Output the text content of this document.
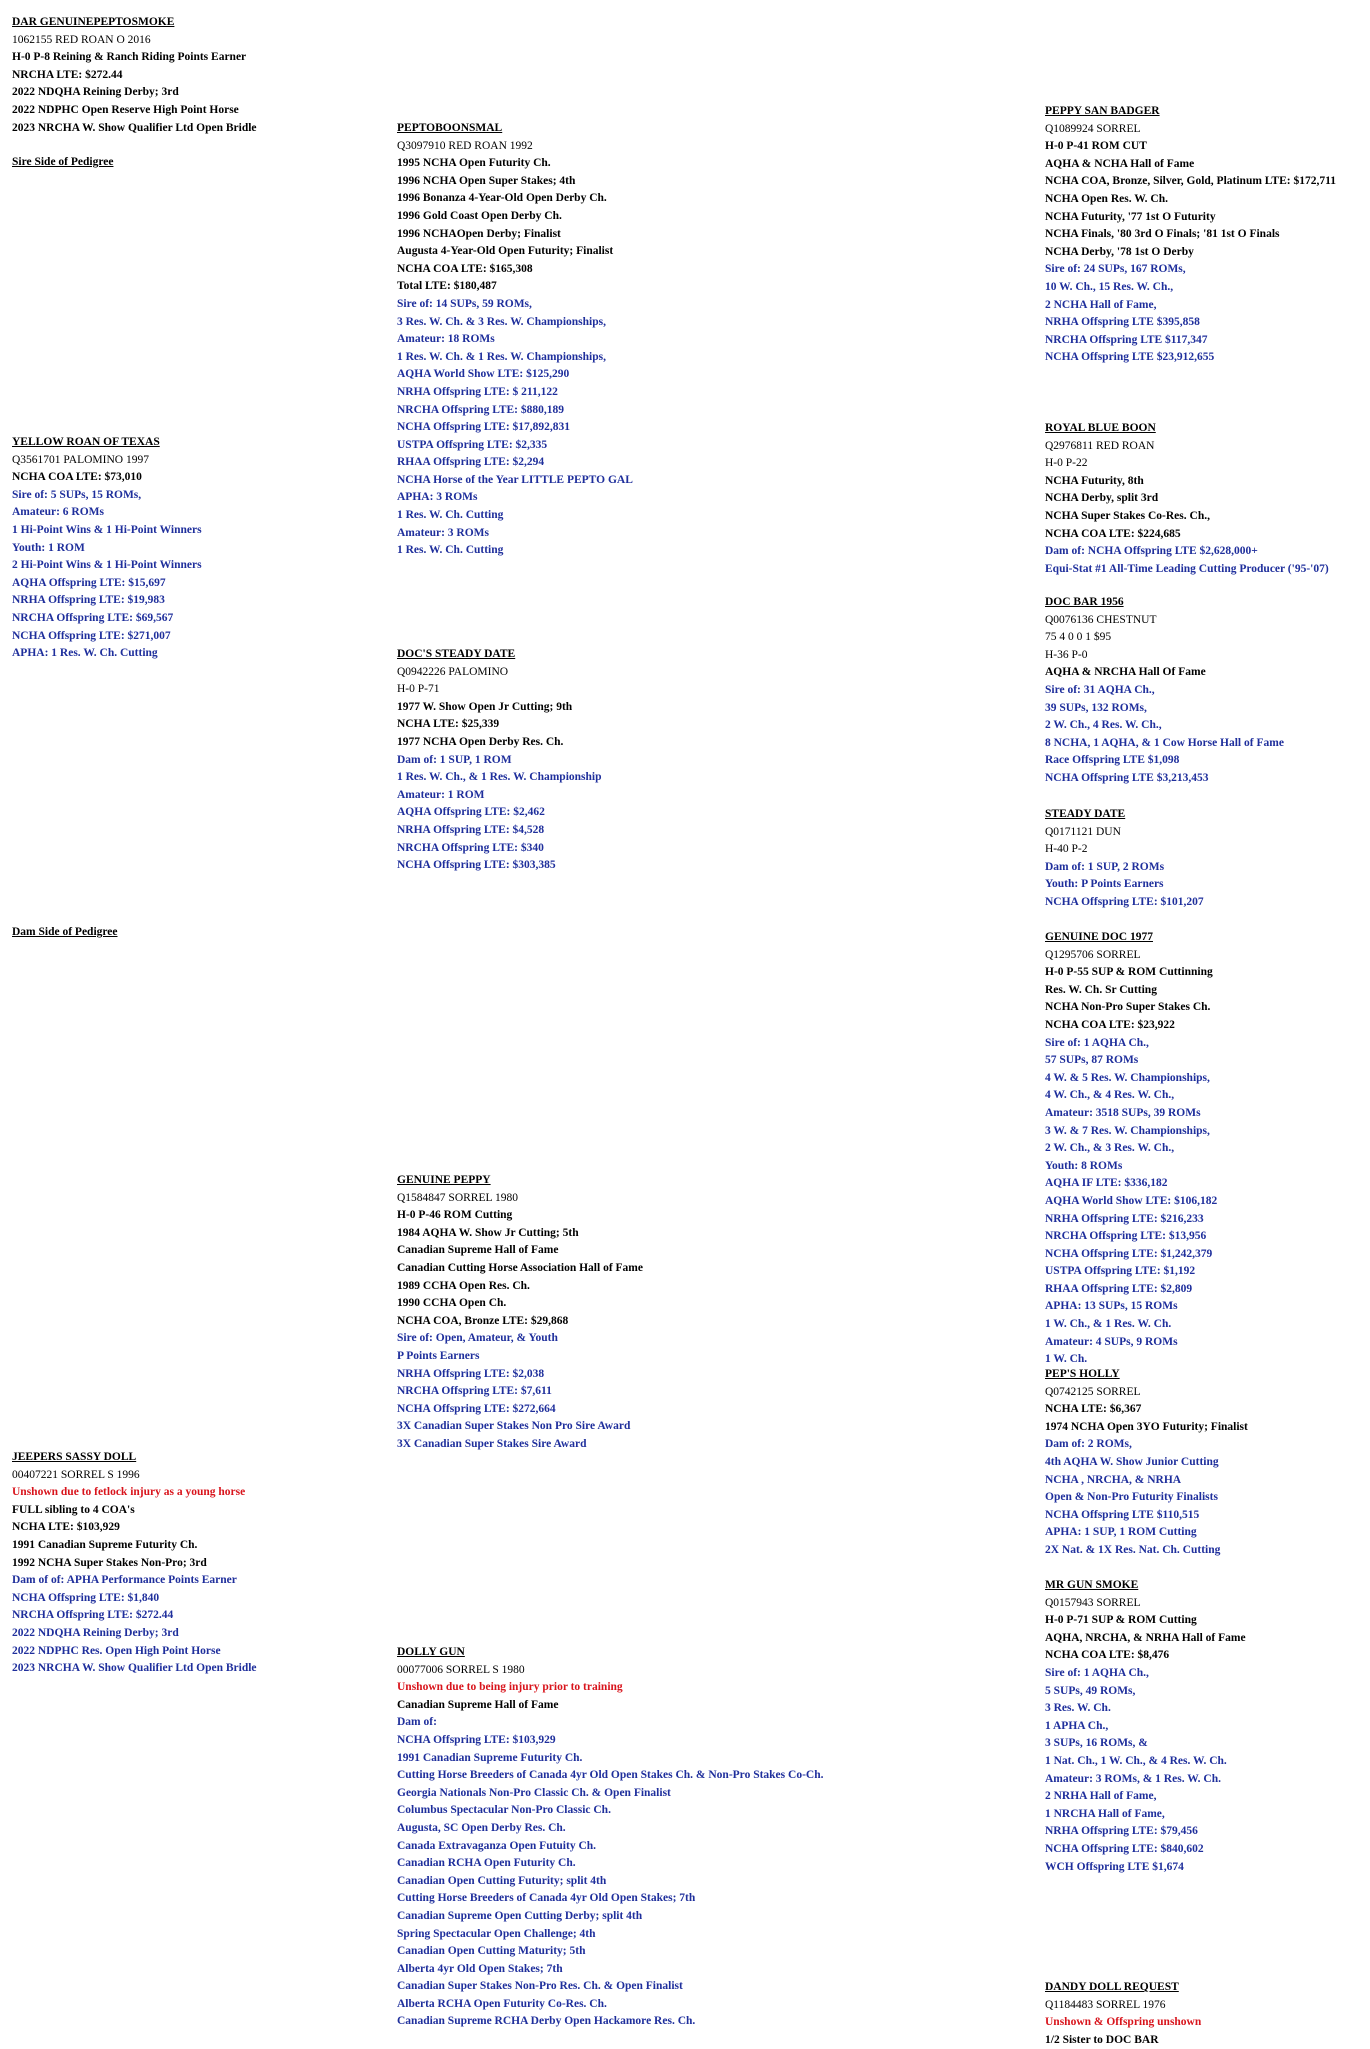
DAR GENUINEPEPTOSMOKE
1062155 RED ROAN O 2016
H-0 P-8 Reining & Ranch Riding Points Earner
NRCHA LTE: $272.44
2022 NDQHA Reining Derby; 3rd
2022 NDPHC Open Reserve High Point Horse
2023 NRCHA W. Show Qualifier Ltd Open Bridle
Sire Side of Pedigree
YELLOW ROAN OF TEXAS
Q3561701 PALOMINO 1997
NCHA COA LTE: $73,010
Sire of: 5 SUPs, 15 ROMs,
Amateur: 6 ROMs
1 Hi-Point Wins & 1 Hi-Point Winners
Youth: 1 ROM
2 Hi-Point Wins & 1 Hi-Point Winners
AQHA Offspring LTE: $15,697
NRHA Offspring LTE: $19,983
NRCHA Offspring LTE: $69,567
NCHA Offspring LTE: $271,007
APHA: 1 Res. W. Ch. Cutting
Dam Side of Pedigree
JEEPERS SASSY DOLL
00407221 SORREL S 1996
Unshown due to fetlock injury as a young horse
FULL sibling to 4 COA's
NCHA LTE: $103,929
1991 Canadian Supreme Futurity Ch.
1992 NCHA Super Stakes Non-Pro; 3rd
Dam of of: APHA Performance Points Earner
NCHA Offspring LTE: $1,840
NRCHA Offspring LTE: $272.44
2022 NDQHA Reining Derby; 3rd
2022 NDPHC Res. Open High Point Horse
2023 NRCHA W. Show Qualifier Ltd Open Bridle
PEPTOBOONSMAL
Q3097910 RED ROAN 1992
1995 NCHA Open Futurity Ch.
1996 NCHA Open Super Stakes; 4th
1996 Bonanza 4-Year-Old Open Derby Ch.
1996 Gold Coast Open Derby Ch.
1996 NCHAOpen Derby; Finalist
Augusta 4-Year-Old Open Futurity; Finalist
NCHA COA LTE: $165,308
Total LTE: $180,487
Sire of: 14 SUPs, 59 ROMs,
3 Res. W. Ch. & 3 Res. W. Championships,
Amateur: 18 ROMs
1 Res. W. Ch. & 1 Res. W. Championships,
AQHA World Show LTE: $125,290
NRHA Offspring LTE: $ 211,122
NRCHA Offspring LTE: $880,189
NCHA Offspring LTE: $17,892,831
USTPA Offspring LTE: $2,335
RHAA Offspring LTE: $2,294
NCHA Horse of the Year LITTLE PEPTO GAL
APHA: 3 ROMs
1 Res. W. Ch. Cutting
Amateur: 3 ROMs
1 Res. W. Ch. Cutting
DOC'S STEADY DATE
Q0942226 PALOMINO
H-0 P-71
1977 W. Show Open Jr Cutting; 9th
NCHA LTE: $25,339
1977 NCHA Open Derby Res. Ch.
Dam of: 1 SUP, 1 ROM
1 Res. W. Ch., & 1 Res. W. Championship
Amateur: 1 ROM
AQHA Offspring LTE: $2,462
NRHA Offspring LTE: $4,528
NRCHA Offspring LTE: $340
NCHA Offspring LTE: $303,385
GENUINE PEPPY
Q1584847 SORREL 1980
H-0 P-46 ROM Cutting
1984 AQHA W. Show Jr Cutting; 5th
Canadian Supreme Hall of Fame
Canadian Cutting Horse Association Hall of Fame
1989 CCHA Open Res. Ch.
1990 CCHA Open Ch.
NCHA COA, Bronze LTE: $29,868
Sire of: Open, Amateur, & Youth
P Points Earners
NRHA Offspring LTE: $2,038
NRCHA Offspring LTE: $7,611
NCHA Offspring LTE: $272,664
3X Canadian Super Stakes Non Pro Sire Award
3X Canadian Super Stakes Sire Award
DOLLY GUN
00077006 SORREL S 1980
Unshown due to being injury prior to training
Canadian Supreme Hall of Fame
Dam of:
NCHA Offspring LTE: $103,929
1991 Canadian Supreme Futurity Ch.
Cutting Horse Breeders of Canada 4yr Old Open Stakes Ch. & Non-Pro Stakes Co-Ch.
Georgia Nationals Non-Pro Classic Ch. & Open Finalist
Columbus Spectacular Non-Pro Classic Ch.
Augusta, SC Open Derby Res. Ch.
Canada Extravaganza Open Futuity Ch.
Canadian RCHA Open Futurity Ch.
Canadian Open Cutting Futurity; split 4th
Cutting Horse Breeders of Canada 4yr Old Open Stakes; 7th
Canadian Supreme Open Cutting Derby; split 4th
Spring Spectacular Open Challenge; 4th
Canadian Open Cutting Maturity; 5th
Alberta 4yr Old Open Stakes; 7th
Canadian Super Stakes Non-Pro Res. Ch. & Open Finalist
Alberta RCHA Open Futurity Co-Res. Ch.
Canadian Supreme RCHA Derby Open Hackamore Res. Ch.
PEPPY SAN BADGER
Q1089924 SORREL
H-0 P-41 ROM CUT
AQHA & NCHA Hall of Fame
NCHA COA, Bronze, Silver, Gold, Platinum LTE: $172,711
NCHA Open Res. W. Ch.
NCHA Futurity, '77 1st O Futurity
NCHA Finals, '80 3rd O Finals; '81 1st O Finals
NCHA Derby, '78 1st O Derby
Sire of: 24 SUPs, 167 ROMs,
10 W. Ch., 15 Res. W. Ch.,
2 NCHA Hall of Fame,
NRHA Offspring LTE $395,858
NRCHA Offspring LTE $117,347
NCHA Offspring LTE $23,912,655
ROYAL BLUE BOON
Q2976811 RED ROAN
H-0 P-22
NCHA Futurity, 8th
NCHA Derby, split 3rd
NCHA Super Stakes Co-Res. Ch.,
NCHA COA LTE: $224,685
Dam of: NCHA Offspring LTE $2,628,000+
Equi-Stat #1 All-Time Leading Cutting Producer ('95-'07)
DOC BAR 1956
Q0076136 CHESTNUT
75 4 0 0 1 $95
H-36 P-0
AQHA & NRCHA Hall Of Fame
Sire of: 31 AQHA Ch.,
39 SUPs, 132 ROMs,
2 W. Ch., 4 Res. W. Ch.,
8 NCHA, 1 AQHA, & 1 Cow Horse Hall of Fame
Race Offspring LTE $1,098
NCHA Offspring LTE $3,213,453
STEADY DATE
Q0171121 DUN
H-40 P-2
Dam of: 1 SUP, 2 ROMs
Youth: P Points Earners
NCHA Offspring LTE: $101,207
GENUINE DOC 1977
Q1295706 SORREL
H-0 P-55 SUP & ROM Cuttinning
Res. W. Ch. Sr Cutting
NCHA Non-Pro Super Stakes Ch.
NCHA COA LTE: $23,922
Sire of: 1 AQHA Ch.,
57 SUPs, 87 ROMs
4 W. & 5 Res. W. Championships,
4 W. Ch., & 4 Res. W. Ch.,
Amateur: 3518 SUPs, 39 ROMs
3 W. & 7 Res. W. Championships,
2 W. Ch., & 3 Res. W. Ch.,
Youth: 8 ROMs
AQHA IF LTE: $336,182
AQHA World Show LTE: $106,182
NRHA Offspring LTE: $216,233
NRCHA Offspring LTE: $13,956
NCHA Offspring LTE: $1,242,379
USTPA Offspring LTE: $1,192
RHAA Offspring LTE: $2,809
APHA: 13 SUPs, 15 ROMs
1 W. Ch., & 1 Res. W. Ch.
Amateur: 4 SUPs, 9 ROMs
1 W. Ch.
PEP'S HOLLY
Q0742125 SORREL
NCHA LTE: $6,367
1974 NCHA Open 3YO Futurity; Finalist
Dam of: 2 ROMs,
4th AQHA W. Show Junior Cutting
NCHA , NRCHA, & NRHA
Open & Non-Pro Futurity Finalists
NCHA Offspring LTE $110,515
APHA: 1 SUP, 1 ROM Cutting
2X Nat. & 1X Res. Nat. Ch. Cutting
MR GUN SMOKE
Q0157943 SORREL
H-0 P-71 SUP & ROM Cutting
AQHA, NRCHA, & NRHA Hall of Fame
NCHA COA LTE: $8,476
Sire of: 1 AQHA Ch.,
5 SUPs, 49 ROMs,
3 Res. W. Ch.
1 APHA Ch.,
3 SUPs, 16 ROMs, &
1 Nat. Ch., 1 W. Ch., & 4 Res. W. Ch.
Amateur: 3 ROMs, & 1 Res. W. Ch.
2 NRHA Hall of Fame,
1 NRCHA Hall of Fame,
NRHA Offspring LTE: $79,456
NCHA Offspring LTE: $840,602
WCH Offspring LTE $1,674
DANDY DOLL REQUEST
Q1184483 SORREL 1976
Unshown & Offspring unshown
1/2 Sister to DOC BAR
